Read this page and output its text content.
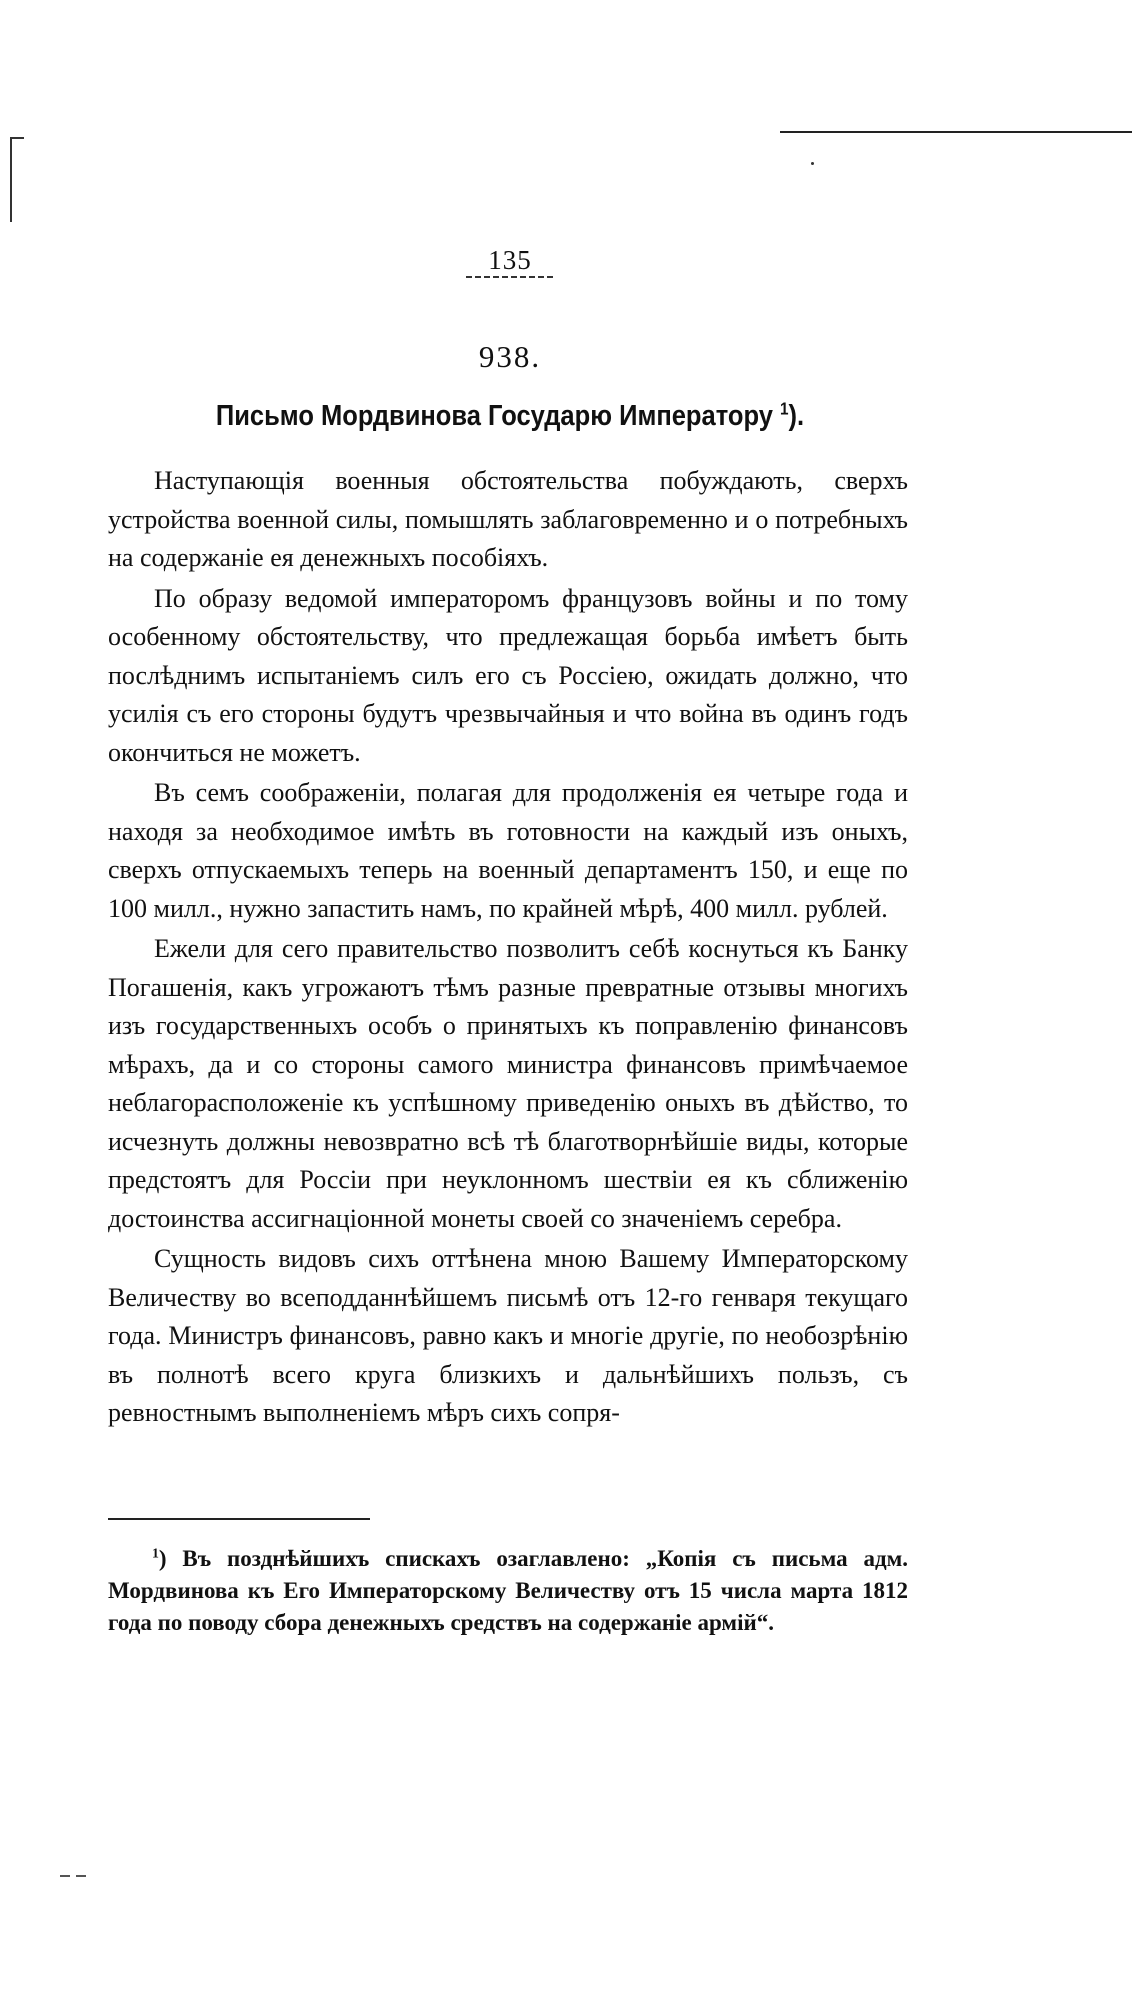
135
938.
Письмо Мордвинова Государю Императору $^1$).

Наступающія военныя обстоятельства побуждають, сверхъ устройства военной силы, помышлять заблаговременно и о потребныхъ на содержаніе ея денежныхъ пособіяхъ.

По образу ведомой императоромъ французовъ войны и по тому особенному обстоятельству, что предлежащая борьба имѣетъ быть послѣднимъ испытаніемъ силъ его съ Россіею, ожидать должно, что усилія съ его стороны будутъ чрезвычайныя и что война въ одинъ годъ окончиться не можетъ.

Въ семъ соображеніи, полагая для продолженія ея четыре года и находя за необходимое имѣть въ готовности на каждый изъ оныхъ, сверхъ отпускаемыхъ теперь на военный департаментъ 150, и еще по 100 милл., нужно запастить намъ, по крайней мѣрѣ, 400 милл. рублей.

Ежели для сего правительство позволитъ себѣ коснуться къ Банку Погашенія, какъ угрожаютъ тѣмъ разные превратные отзывы многихъ изъ государственныхъ особъ о принятыхъ къ поправленію финансовъ мѣрахъ, да и со стороны самого министра финансовъ примѣчаемое неблагорасположеніе къ успѣшному приведенію оныхъ въ дѣйство, то исчезнуть должны невозвратно всѣ тѣ благотворнѣйшіе виды, которые предстоятъ для Россіи при неуклонномъ шествіи ея къ сближенію достоинства ассигнаціонной монеты своей со значеніемъ серебра.

Сущность видовъ сихъ оттѣнена мною Вашему Императорскому Величеству во всеподданнѣйшемъ письмѣ отъ 12-го генваря текущаго года. Министръ финансовъ, равно какъ и многіе другіе, по необозрѣнію въ полнотѣ всего круга близкихъ и дальнѣйшихъ пользъ, съ ревностнымъ выполненіемъ мѣръ сихъ сопря-

$^1$) Въ позднѣйшихъ спискахъ озаглавлено: „Копія съ письма адм. Мордвинова къ Его Императорскому Величеству отъ 15 числа марта 1812 года по поводу сбора денежныхъ средствъ на содержаніе армій“.
